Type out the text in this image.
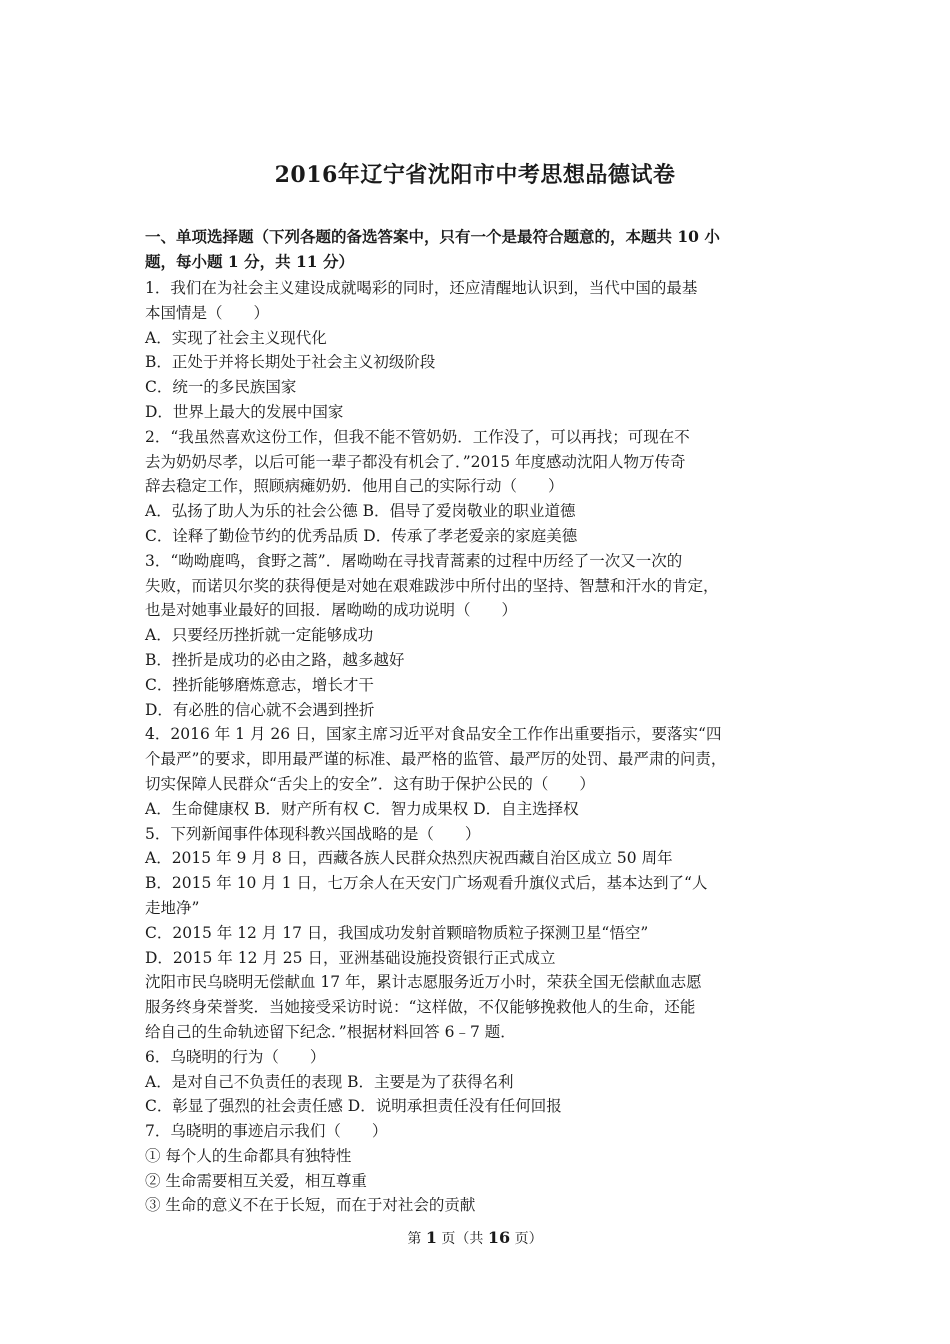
2016年辽宁省沈阳市中考思想品德试卷
一、单项选择题（下列各题的备选答案中，只有一个是最符合题意的，本题共 10 小
题，每小题 1 分，共 11 分）
1．我们在为社会主义建设成就喝彩的同时，还应清醒地认识到，当代中国的最基
本国情是（　　）
A．实现了社会主义现代化
B．正处于并将长期处于社会主义初级阶段
C．统一的多民族国家
D．世界上最大的发展中国家
2．“我虽然喜欢这份工作，但我不能不管奶奶．工作没了，可以再找；可现在不
去为奶奶尽孝，以后可能一辈子都没有机会了．”2015 年度感动沈阳人物万传奇
辞去稳定工作，照顾病瘫奶奶．他用自己的实际行动（　　）
A．弘扬了助人为乐的社会公德 B．倡导了爱岗敬业的职业道德
C．诠释了勤俭节约的优秀品质 D．传承了孝老爱亲的家庭美德
3．“呦呦鹿鸣，食野之蒿”．屠呦呦在寻找青蒿素的过程中历经了一次又一次的
失败，而诺贝尔奖的获得便是对她在艰难跋涉中所付出的坚持、智慧和汗水的肯定，
也是对她事业最好的回报．屠呦呦的成功说明（　　）
A．只要经历挫折就一定能够成功
B．挫折是成功的必由之路，越多越好
C．挫折能够磨炼意志，增长才干
D．有必胜的信心就不会遇到挫折
4．2016 年 1 月 26 日，国家主席习近平对食品安全工作作出重要指示，要落实“四
个最严”的要求，即用最严谨的标准、最严格的监管、最严厉的处罚、最严肃的问责，
切实保障人民群众“舌尖上的安全”．这有助于保护公民的（　　）
A．生命健康权 B．财产所有权 C．智力成果权 D．自主选择权
5．下列新闻事件体现科教兴国战略的是（　　）
A．2015 年 9 月 8 日，西藏各族人民群众热烈庆祝西藏自治区成立 50 周年
B．2015 年 10 月 1 日，七万余人在天安门广场观看升旗仪式后，基本达到了“人
走地净”
C．2015 年 12 月 17 日，我国成功发射首颗暗物质粒子探测卫星“悟空”
D．2015 年 12 月 25 日，亚洲基础设施投资银行正式成立
沈阳市民乌晓明无偿献血 17 年，累计志愿服务近万小时，荣获全国无偿献血志愿
服务终身荣誉奖．当她接受采访时说：“这样做，不仅能够挽救他人的生命，还能
给自己的生命轨迹留下纪念．”根据材料回答 6﹣7 题．
6．乌晓明的行为（　　）
A．是对自己不负责任的表现 B．主要是为了获得名利
C．彰显了强烈的社会责任感 D．说明承担责任没有任何回报
7．乌晓明的事迹启示我们（　　）
① 每个人的生命都具有独特性
② 生命需要相互关爱，相互尊重
③ 生命的意义不在于长短，而在于对社会的贡献
第 1 页（共 16 页）
